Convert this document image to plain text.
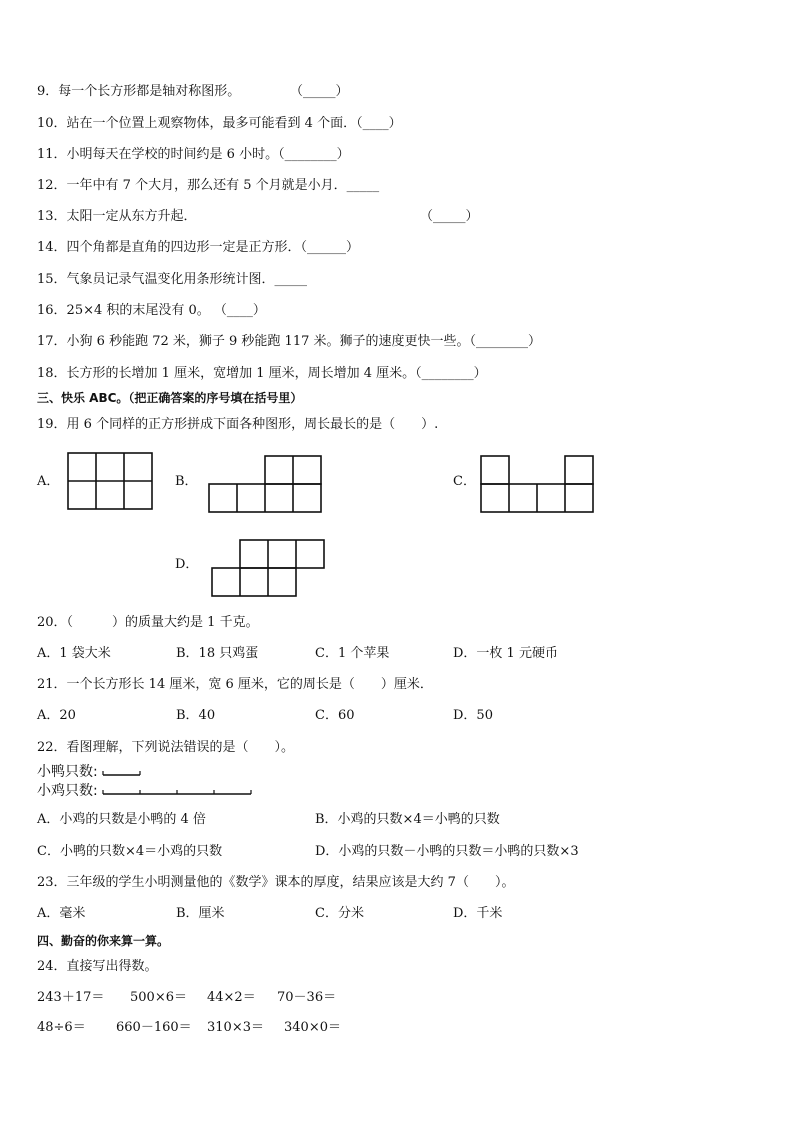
9．每一个长方形都是轴对称图形。	（_____）
10．站在一个位置上观察物体，最多可能看到 4 个面．（____）
11．小明每天在学校的时间约是 6 小时。（________）
12．一年中有 7 个大月，那么还有 5 个月就是小月．_____
13．太阳一定从东方升起．	（_____）
14．四个角都是直角的四边形一定是正方形．（______）
15．气象员记录气温变化用条形统计图．_____
16．25×4 积的末尾没有 0。 （____）
17．小狗 6 秒能跑 72 米，狮子 9 秒能跑 117 米。狮子的速度更快一些。（________）
18．长方形的长增加 1 厘米，宽增加 1 厘米，周长增加 4 厘米。（________）
三、快乐 ABC。（把正确答案的序号填在括号里）
19．用 6 个同样的正方形拼成下面各种图形，周长最长的是（　　）.
A．	B．	C．
D．
20．（　　　）的质量大约是 1 千克。
A．1 袋大米	B．18 只鸡蛋	C．1 个苹果	D．一枚 1 元硬币
21．一个长方形长 14 厘米，宽 6 厘米，它的周长是（　　）厘米．
A．20	B．40	C．60	D．50
22．看图理解，下列说法错误的是（　　）。
小鸭只数:
小鸡只数:
A．小鸡的只数是小鸭的 4 倍	B．小鸡的只数×4＝小鸭的只数
C．小鸭的只数×4＝小鸡的只数	D．小鸡的只数－小鸭的只数＝小鸭的只数×3
23．三年级的学生小明测量他的《数学》课本的厚度，结果应该是大约 7（　　）。
A．毫米	B．厘米	C．分米	D．千米
四、勤奋的你来算一算。
24．直接写出得数。
243＋17＝ 500×6＝ 44×2＝ 70－36＝
48÷6＝ 660－160＝ 310×3＝ 340×0＝
